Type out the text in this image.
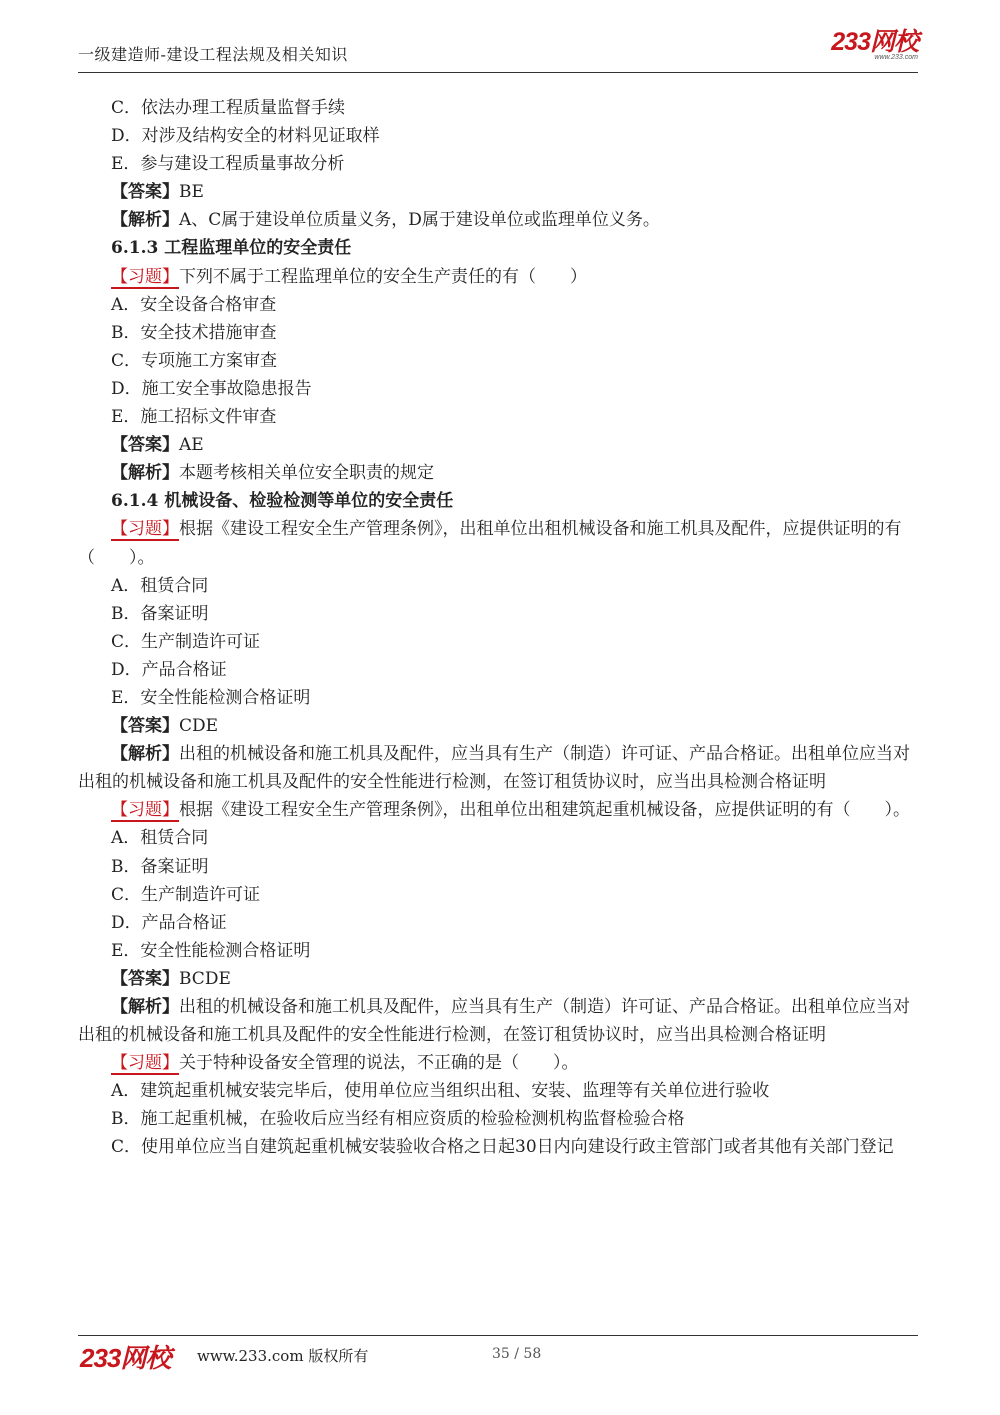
一级建造师-建设工程法规及相关知识	233网校
www.233.com

C．依法办理工程质量监督手续

D．对涉及结构安全的材料见证取样

E．参与建设工程质量事故分析

【答案】BE

【解析】A、C属于建设单位质量义务，D属于建设单位或监理单位义务。

6.1.3 工程监理单位的安全责任

【习题】下列不属于工程监理单位的安全生产责任的有（　　）

A．安全设备合格审查

B．安全技术措施审查

C．专项施工方案审查

D．施工安全事故隐患报告

E．施工招标文件审查

【答案】AE

【解析】本题考核相关单位安全职责的规定

6.1.4 机械设备、检验检测等单位的安全责任

【习题】根据《建设工程安全生产管理条例》，出租单位出租机械设备和施工机具及配件，应提供证明的有（　　）。

A．租赁合同

B．备案证明

C．生产制造许可证

D．产品合格证

E．安全性能检测合格证明

【答案】CDE

【解析】出租的机械设备和施工机具及配件，应当具有生产（制造）许可证、产品合格证。出租单位应当对出租的机械设备和施工机具及配件的安全性能进行检测，在签订租赁协议时，应当出具检测合格证明

【习题】根据《建设工程安全生产管理条例》，出租单位出租建筑起重机械设备，应提供证明的有（　　）。

A．租赁合同

B．备案证明

C．生产制造许可证

D．产品合格证

E．安全性能检测合格证明

【答案】BCDE

【解析】出租的机械设备和施工机具及配件，应当具有生产（制造）许可证、产品合格证。出租单位应当对出租的机械设备和施工机具及配件的安全性能进行检测，在签订租赁协议时，应当出具检测合格证明

【习题】关于特种设备安全管理的说法，不正确的是（　　）。

A．建筑起重机械安装完毕后，使用单位应当组织出租、安装、监理等有关单位进行验收

B．施工起重机械，在验收后应当经有相应资质的检验检测机构监督检验合格

C．使用单位应当自建筑起重机械安装验收合格之日起30日内向建设行政主管部门或者其他有关部门登记

233网校 www.233.com 版权所有	35 / 58
